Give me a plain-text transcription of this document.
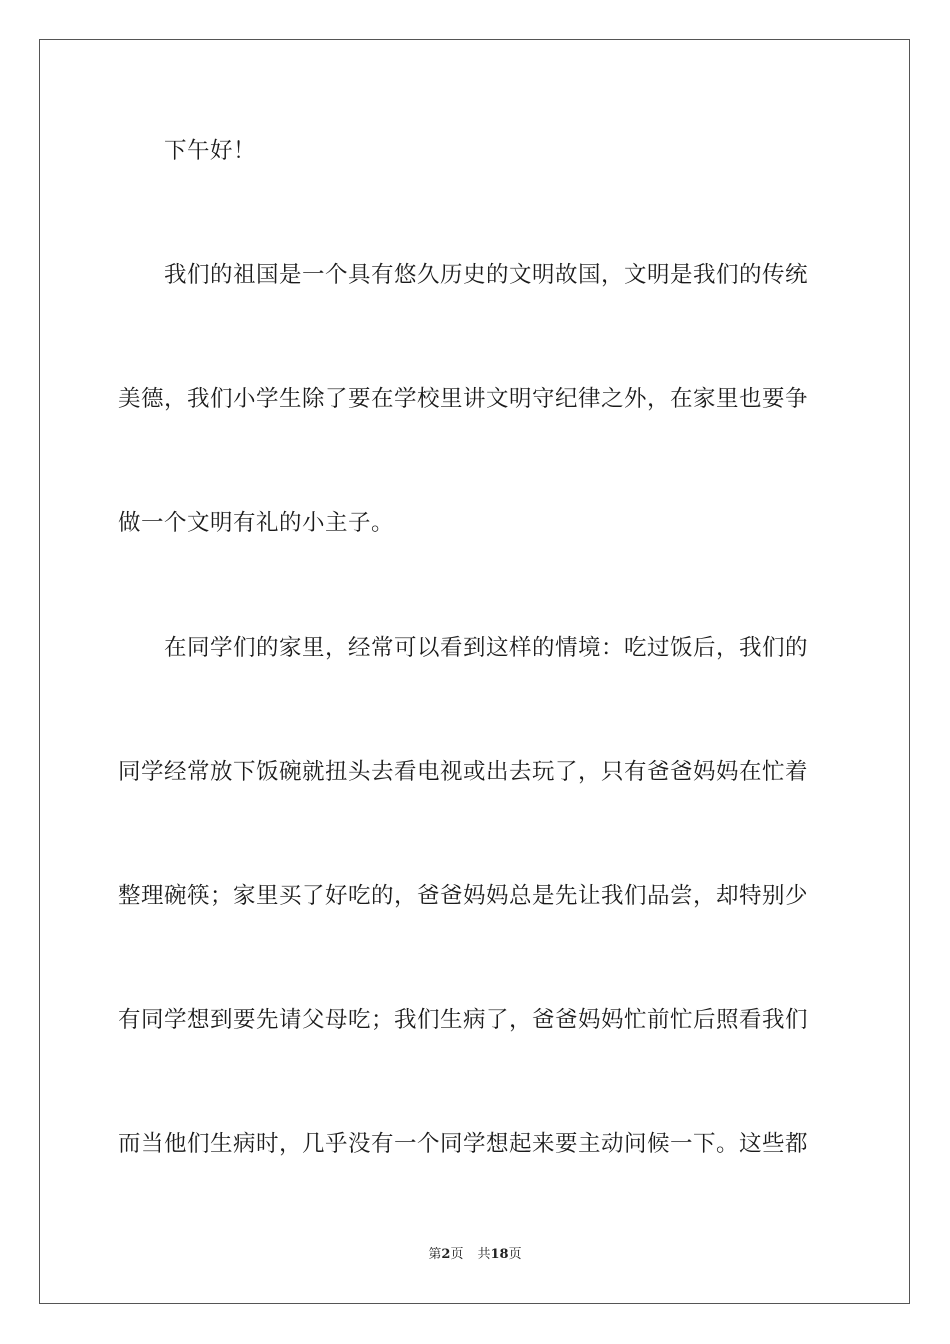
下午好！
我们的祖国是一个具有悠久历史的文明故国，文明是我们的传统
美德，我们小学生除了要在学校里讲文明守纪律之外，在家里也要争
做一个文明有礼的小主子。
在同学们的家里，经常可以看到这样的情境：吃过饭后，我们的
同学经常放下饭碗就扭头去看电视或出去玩了，只有爸爸妈妈在忙着
整理碗筷；家里买了好吃的，爸爸妈妈总是先让我们品尝，却特别少
有同学想到要先请父母吃；我们生病了，爸爸妈妈忙前忙后照看我们
而当他们生病时，几乎没有一个同学想起来要主动问候一下。这些都
第2页 共18页
